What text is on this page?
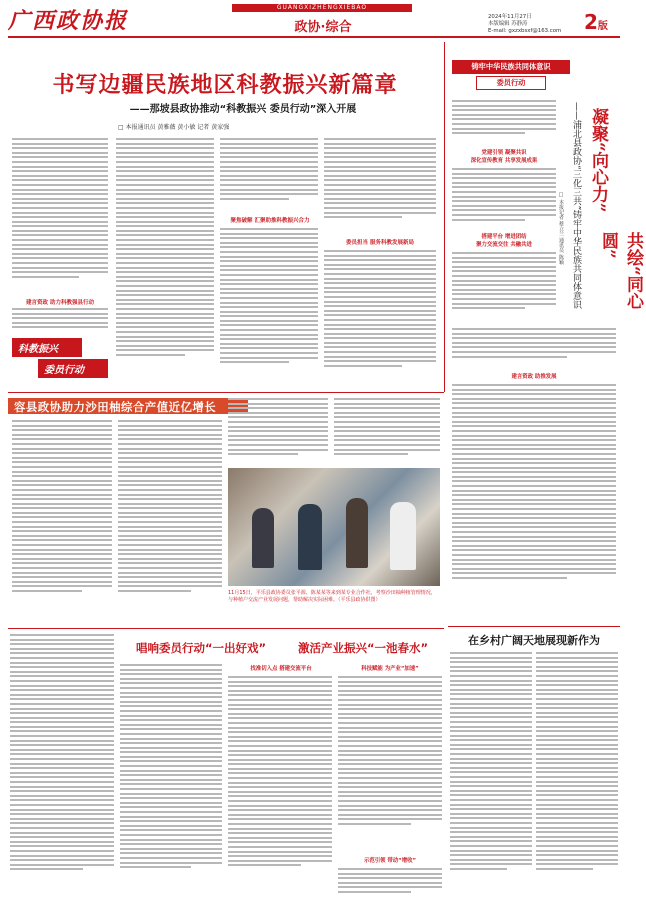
广西政协报
GUANGXIZHENGXIEBAO
政协·综合
2024年11月27日
本版编辑 苏静涛
E-mail: gxzxbsxf@163.com	2版
书写边疆民族地区科教振兴新篇章
——那坡县政协推动“科教振兴 委员行动”深入开展
□ 本报通讯员 黄雅薇 黄小敏 记者 黄家强
建言资政 助力科教强县行动
科教振兴
委员行动
聚焦破解 汇聚助推科教振兴合力
委员担当 服务科教发展新局
铸牢中华民族共同体意识
委员行动
凝聚“向心力”
——浦北县政协“三化三共”铸牢中华民族共同体意识	共绘“同心圆”
□ 本报记者 蔡立兰 通讯员 陈颖
党建引领 凝聚共识
深化宣传教育 共享发展成果
搭建平台 增进团结
聚力交流交往 共融共进
建言资政 助推发展
容县政协助力沙田柚综合产值近亿增长
11月15日，平乐县政协委员张平源、陈某某等来到某专业合作社，考察沙田柚种植管理情况，与种植户交流产业发展问题，帮助解决实际困难。（平乐县政协供图）
在乡村广阔天地展现新作为
唱响委员行动“一出好戏”	激活产业振兴“一池春水”
找准切入点 搭建交流平台	科技赋能 为产业“加速”
示范引领 带动“增收”
